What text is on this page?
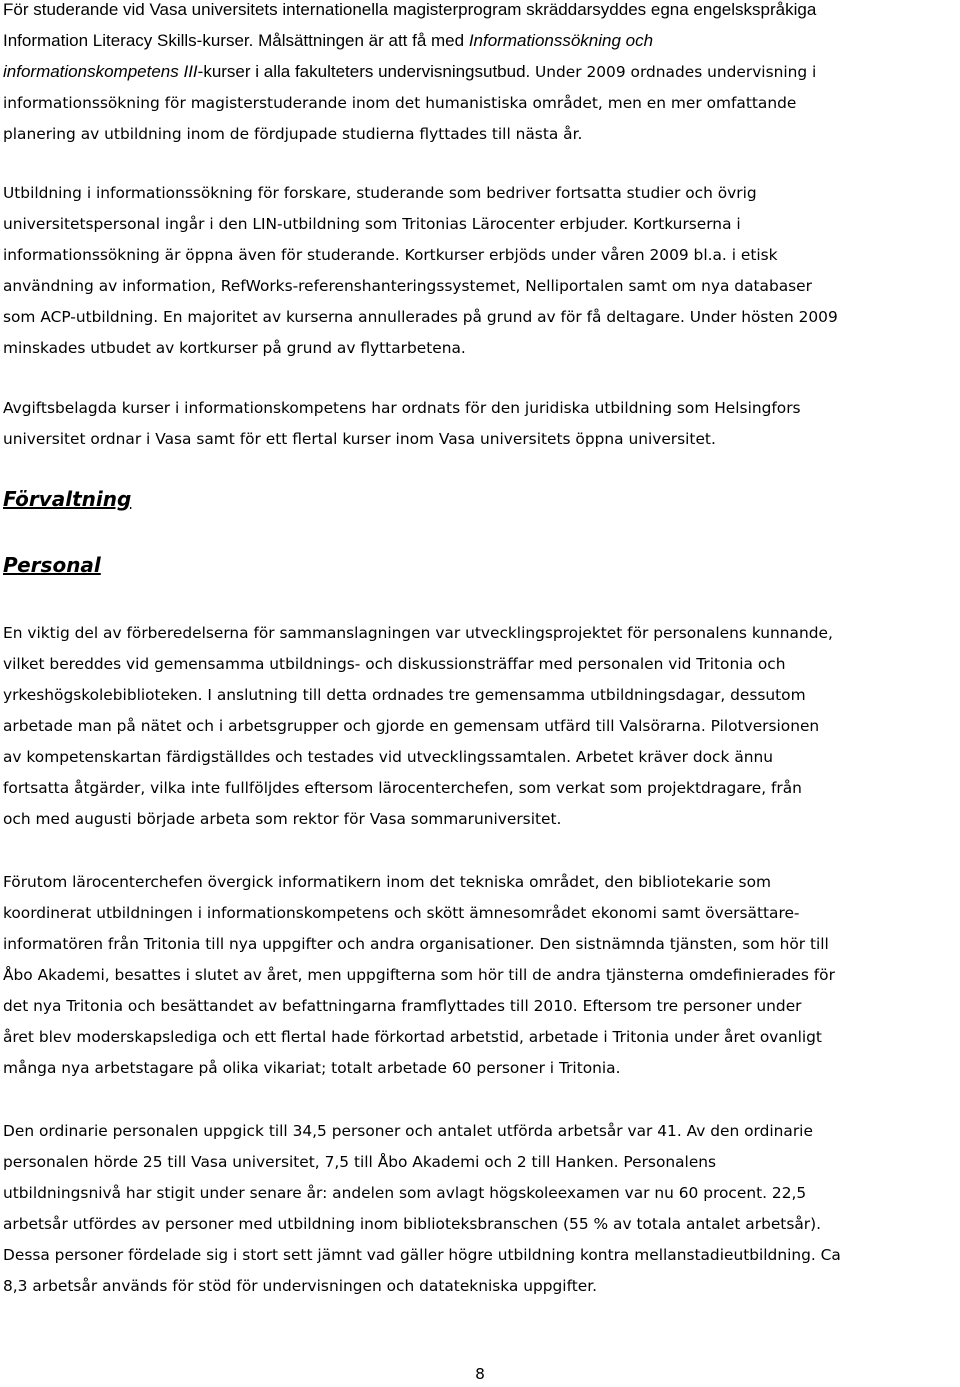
För studerande vid Vasa universitets internationella magisterprogram skräddarsyddes egna engelskspråkiga
Information Literacy Skills-kurser. Målsättningen är att få med Informationssökning och
informationskompetens III-kurser i alla fakulteters undervisningsutbud. Under 2009 ordnades undervisning i
informationssökning för magisterstuderande inom det humanistiska området, men en mer omfattande
planering av utbildning inom de fördjupade studierna flyttades till nästa år.
Utbildning i informationssökning för forskare, studerande som bedriver fortsatta studier och övrig
universitetspersonal ingår i den LIN-utbildning som Tritonias Lärocenter erbjuder. Kortkurserna i
informationssökning är öppna även för studerande. Kortkurser erbjöds under våren 2009 bl.a. i etisk
användning av information, RefWorks-referenshanteringssystemet, Nelliportalen samt om nya databaser
som ACP-utbildning. En majoritet av kurserna annullerades på grund av för få deltagare. Under hösten 2009
minskades utbudet av kortkurser på grund av flyttarbetena.
Avgiftsbelagda kurser i informationskompetens har ordnats för den juridiska utbildning som Helsingfors
universitet ordnar i Vasa samt för ett flertal kurser inom Vasa universitets öppna universitet.
Förvaltning
Personal
En viktig del av förberedelserna för sammanslagningen var utvecklingsprojektet för personalens kunnande,
vilket bereddes vid gemensamma utbildnings- och diskussionsträffar med personalen vid Tritonia och
yrkeshögskolebiblioteken. I anslutning till detta ordnades tre gemensamma utbildningsdagar, dessutom
arbetade man på nätet och i arbetsgrupper och gjorde en gemensam utfärd till Valsörarna. Pilotversionen
av kompetenskartan färdigställdes och testades vid utvecklingssamtalen. Arbetet kräver dock ännu
fortsatta åtgärder, vilka inte fullföljdes eftersom lärocenterchefen, som verkat som projektdragare, från
och med augusti började arbeta som rektor för Vasa sommaruniversitet.
Förutom lärocenterchefen övergick informatikern inom det tekniska området, den bibliotekarie som
koordinerat utbildningen i informationskompetens och skött ämnesområdet ekonomi samt översättare-
informatören från Tritonia till nya uppgifter och andra organisationer. Den sistnämnda tjänsten, som hör till
Åbo Akademi, besattes i slutet av året, men uppgifterna som hör till de andra tjänsterna omdefinierades för
det nya Tritonia och besättandet av befattningarna framflyttades till 2010. Eftersom tre personer under
året blev moderskapslediga och ett flertal hade förkortad arbetstid, arbetade i Tritonia under året ovanligt
många nya arbetstagare på olika vikariat; totalt arbetade 60 personer i Tritonia.
Den ordinarie personalen uppgick till 34,5 personer och antalet utförda arbetsår var 41. Av den ordinarie
personalen hörde 25 till Vasa universitet, 7,5 till Åbo Akademi och 2 till Hanken. Personalens
utbildningsnivå har stigit under senare år: andelen som avlagt högskoleexamen var nu 60 procent. 22,5
arbetsår utfördes av personer med utbildning inom biblioteksbranschen (55 % av totala antalet arbetsår).
Dessa personer fördelade sig i stort sett jämnt vad gäller högre utbildning kontra mellanstadieutbildning. Ca
8,3 arbetsår används för stöd för undervisningen och datatekniska uppgifter.
8
